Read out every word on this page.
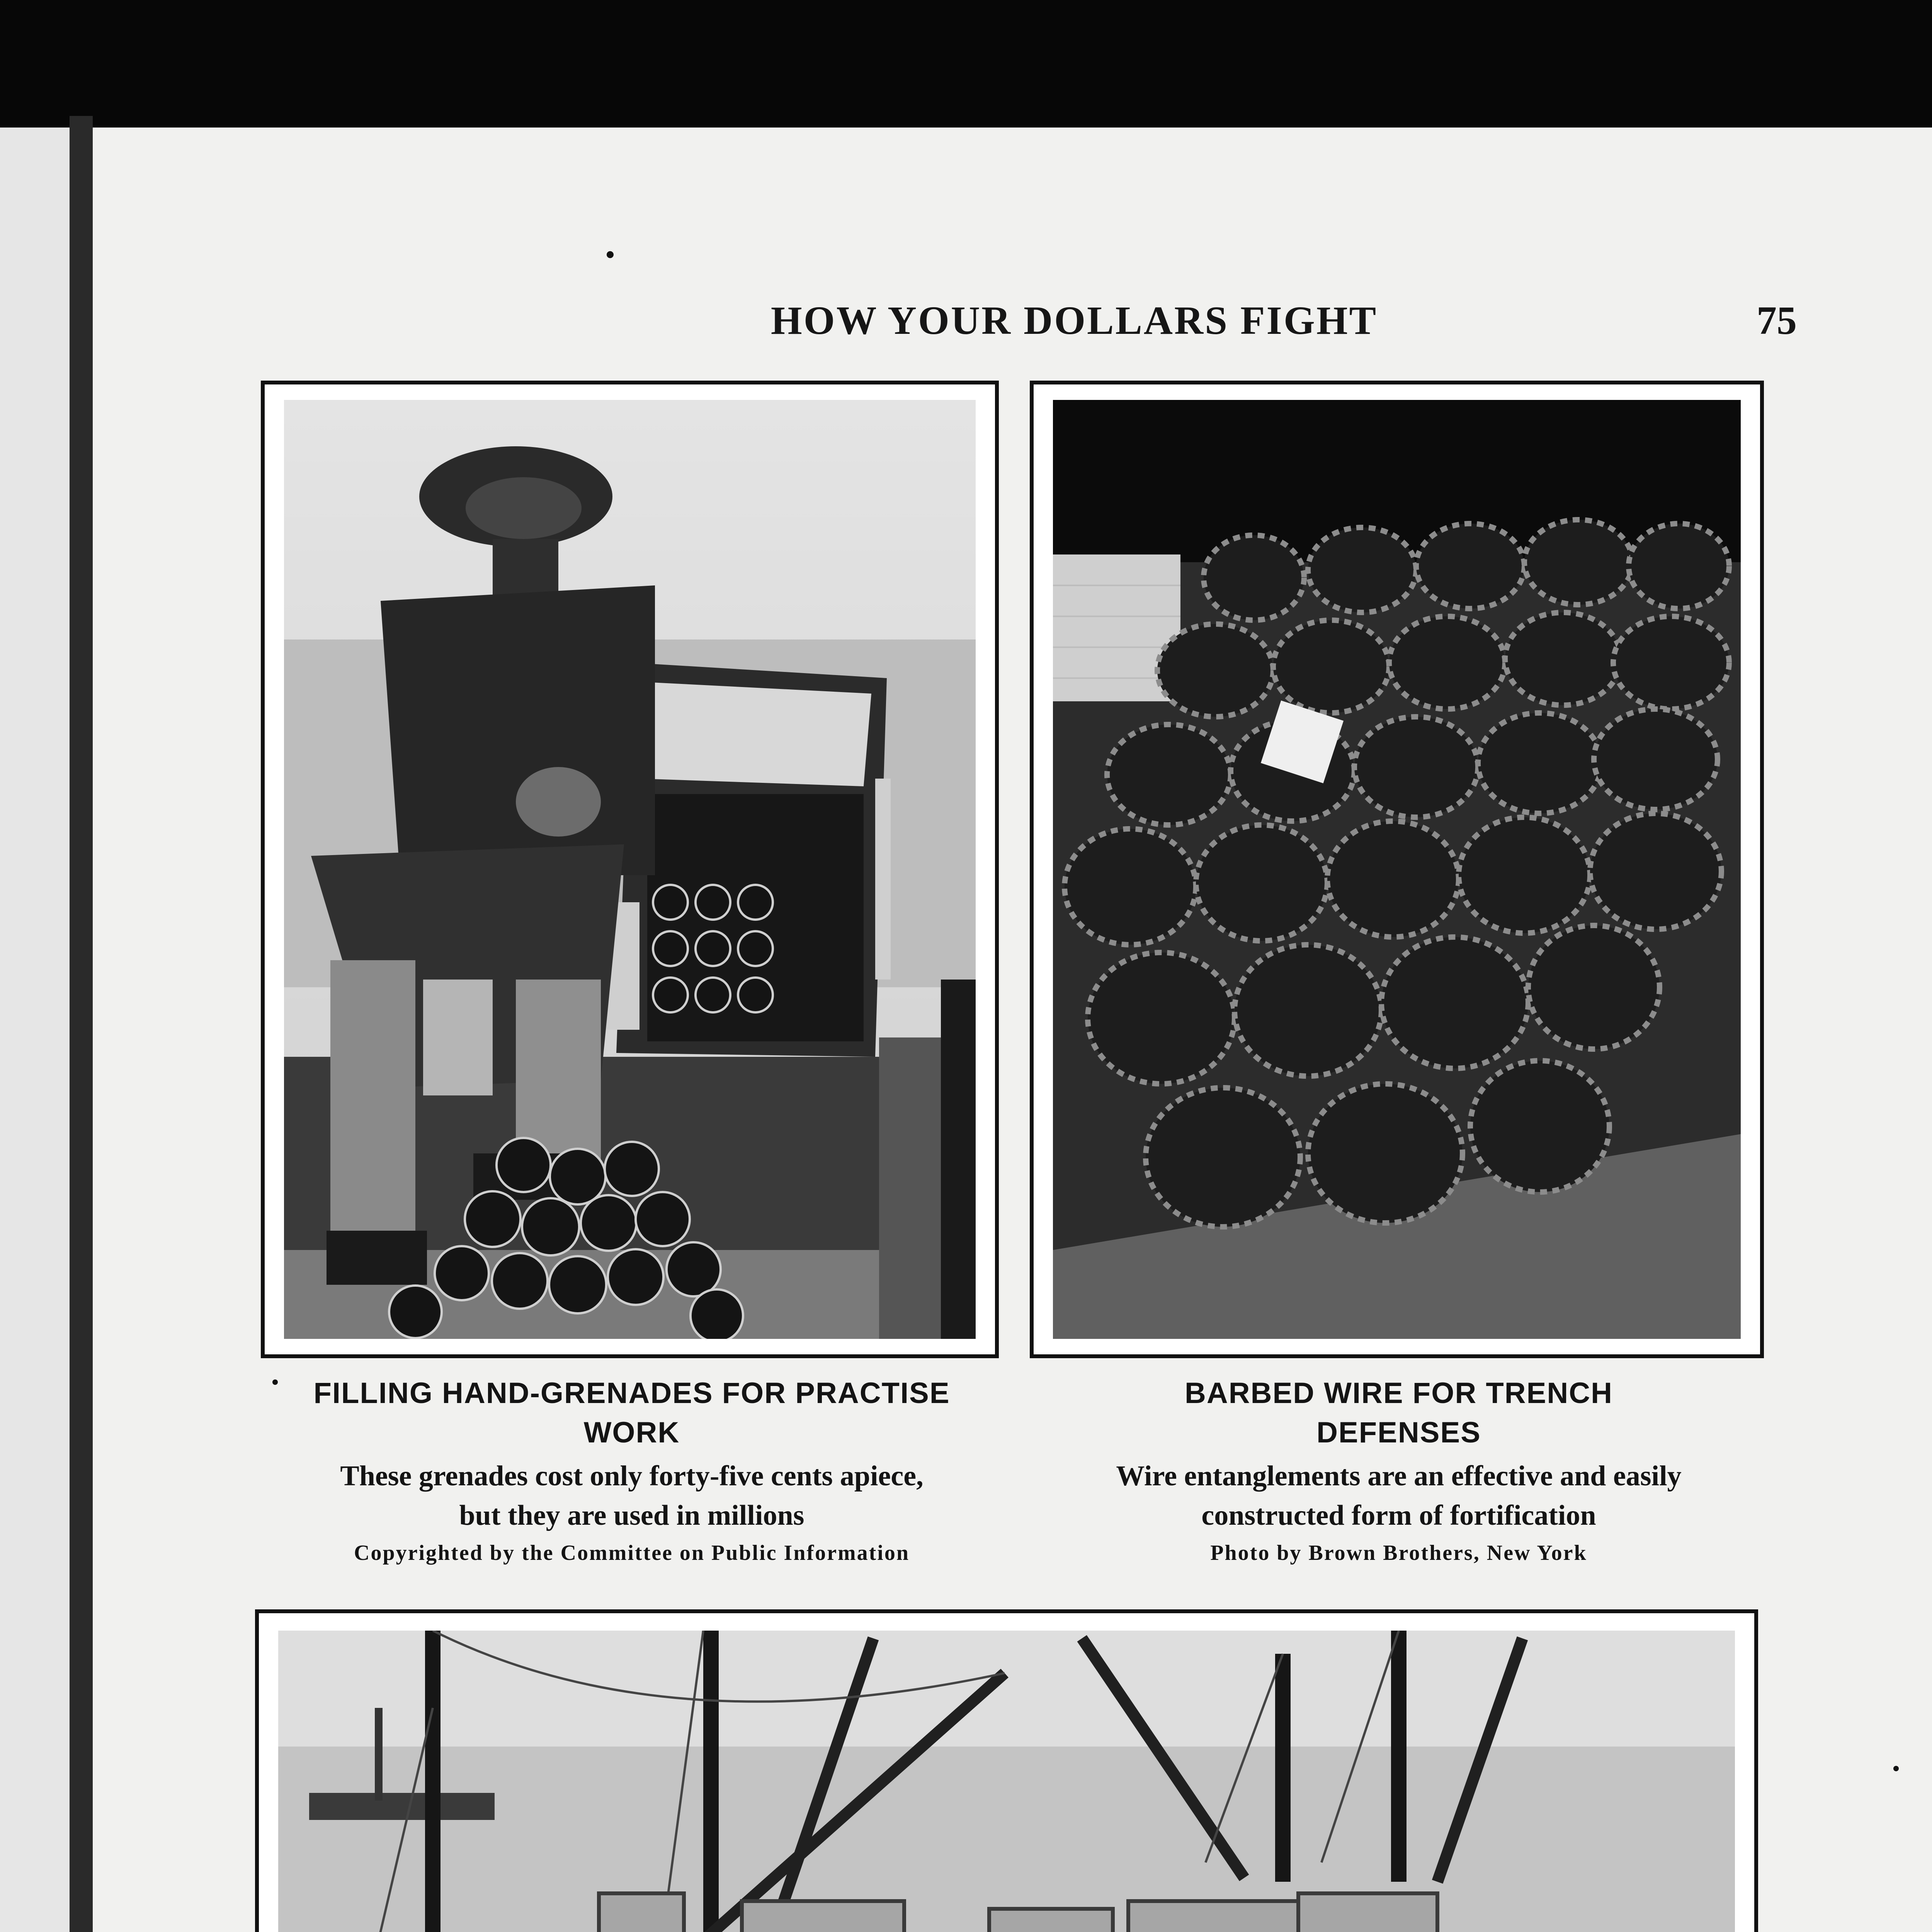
HOW YOUR DOLLARS FIGHT	75
FILLING HAND-GRENADES FOR PRACTISE
WORK
These grenades cost only forty-five cents apiece,
but they are used in millions
Copyrighted by the Committee on Public Information
BARBED WIRE FOR TRENCH
DEFENSES
Wire entanglements are an effective and easily
constructed form of fortification
Photo by Brown Brothers, New York
